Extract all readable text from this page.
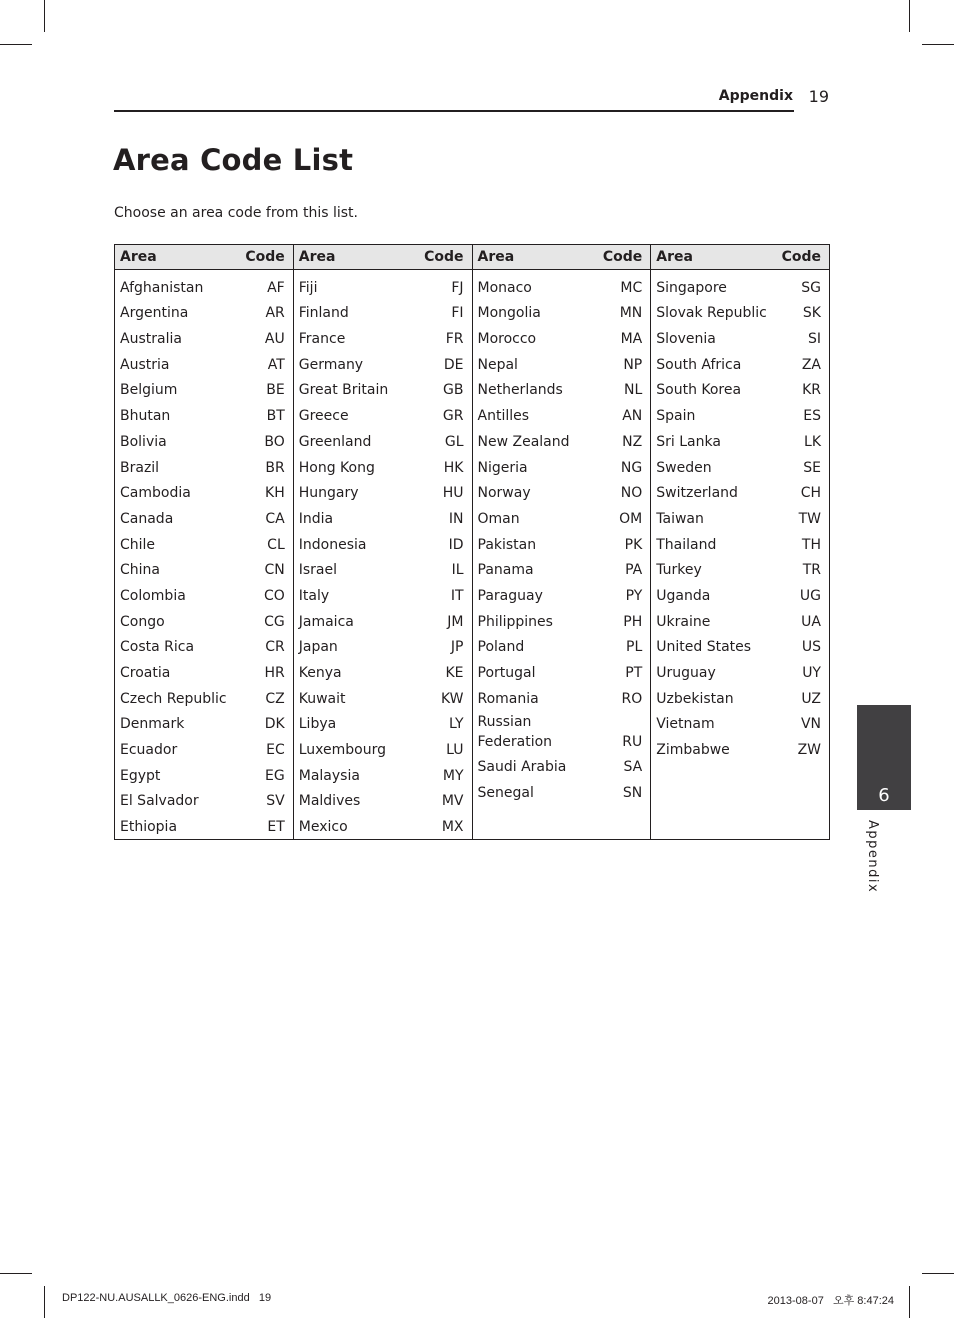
Appendix 19
Area Code List
Choose an area code from this list.
Area	Code
Afghanistan	AF
Argentina	AR
Australia	AU
Austria	AT
Belgium	BE
Bhutan	BT
Bolivia	BO
Brazil	BR
Cambodia	KH
Canada	CA
Chile	CL
China	CN
Colombia	CO
Congo	CG
Costa Rica	CR
Croatia	HR
Czech Republic	CZ
Denmark	DK
Ecuador	EC
Egypt	EG
El Salvador	SV
Ethiopia	ET
Area	Code
Fiji	FJ
Finland	FI
France	FR
Germany	DE
Great Britain	GB
Greece	GR
Greenland	GL
Hong Kong	HK
Hungary	HU
India	IN
Indonesia	ID
Israel	IL
Italy	IT
Jamaica	JM
Japan	JP
Kenya	KE
Kuwait	KW
Libya	LY
Luxembourg	LU
Malaysia	MY
Maldives	MV
Mexico	MX
Area	Code
Monaco	MC
Mongolia	MN
Morocco	MA
Nepal	NP
Netherlands	NL
Antilles	AN
New Zealand	NZ
Nigeria	NG
Norway	NO
Oman	OM
Pakistan	PK
Panama	PA
Paraguay	PY
Philippines	PH
Poland	PL
Portugal	PT
Romania	RO
Russian
Federation	RU
Saudi Arabia	SA
Senegal	SN
Area	Code
Singapore	SG
Slovak Republic	SK
Slovenia	SI
South Africa	ZA
South Korea	KR
Spain	ES
Sri Lanka	LK
Sweden	SE
Switzerland	CH
Taiwan	TW
Thailand	TH
Turkey	TR
Uganda	UG
Ukraine	UA
United States	US
Uruguay	UY
Uzbekistan	UZ
Vietnam	VN
Zimbabwe	ZW
6
Appendix
DP122-NU.AUSALLK_0626-ENG.indd   19	2013-08-07   오후 8:47:24
